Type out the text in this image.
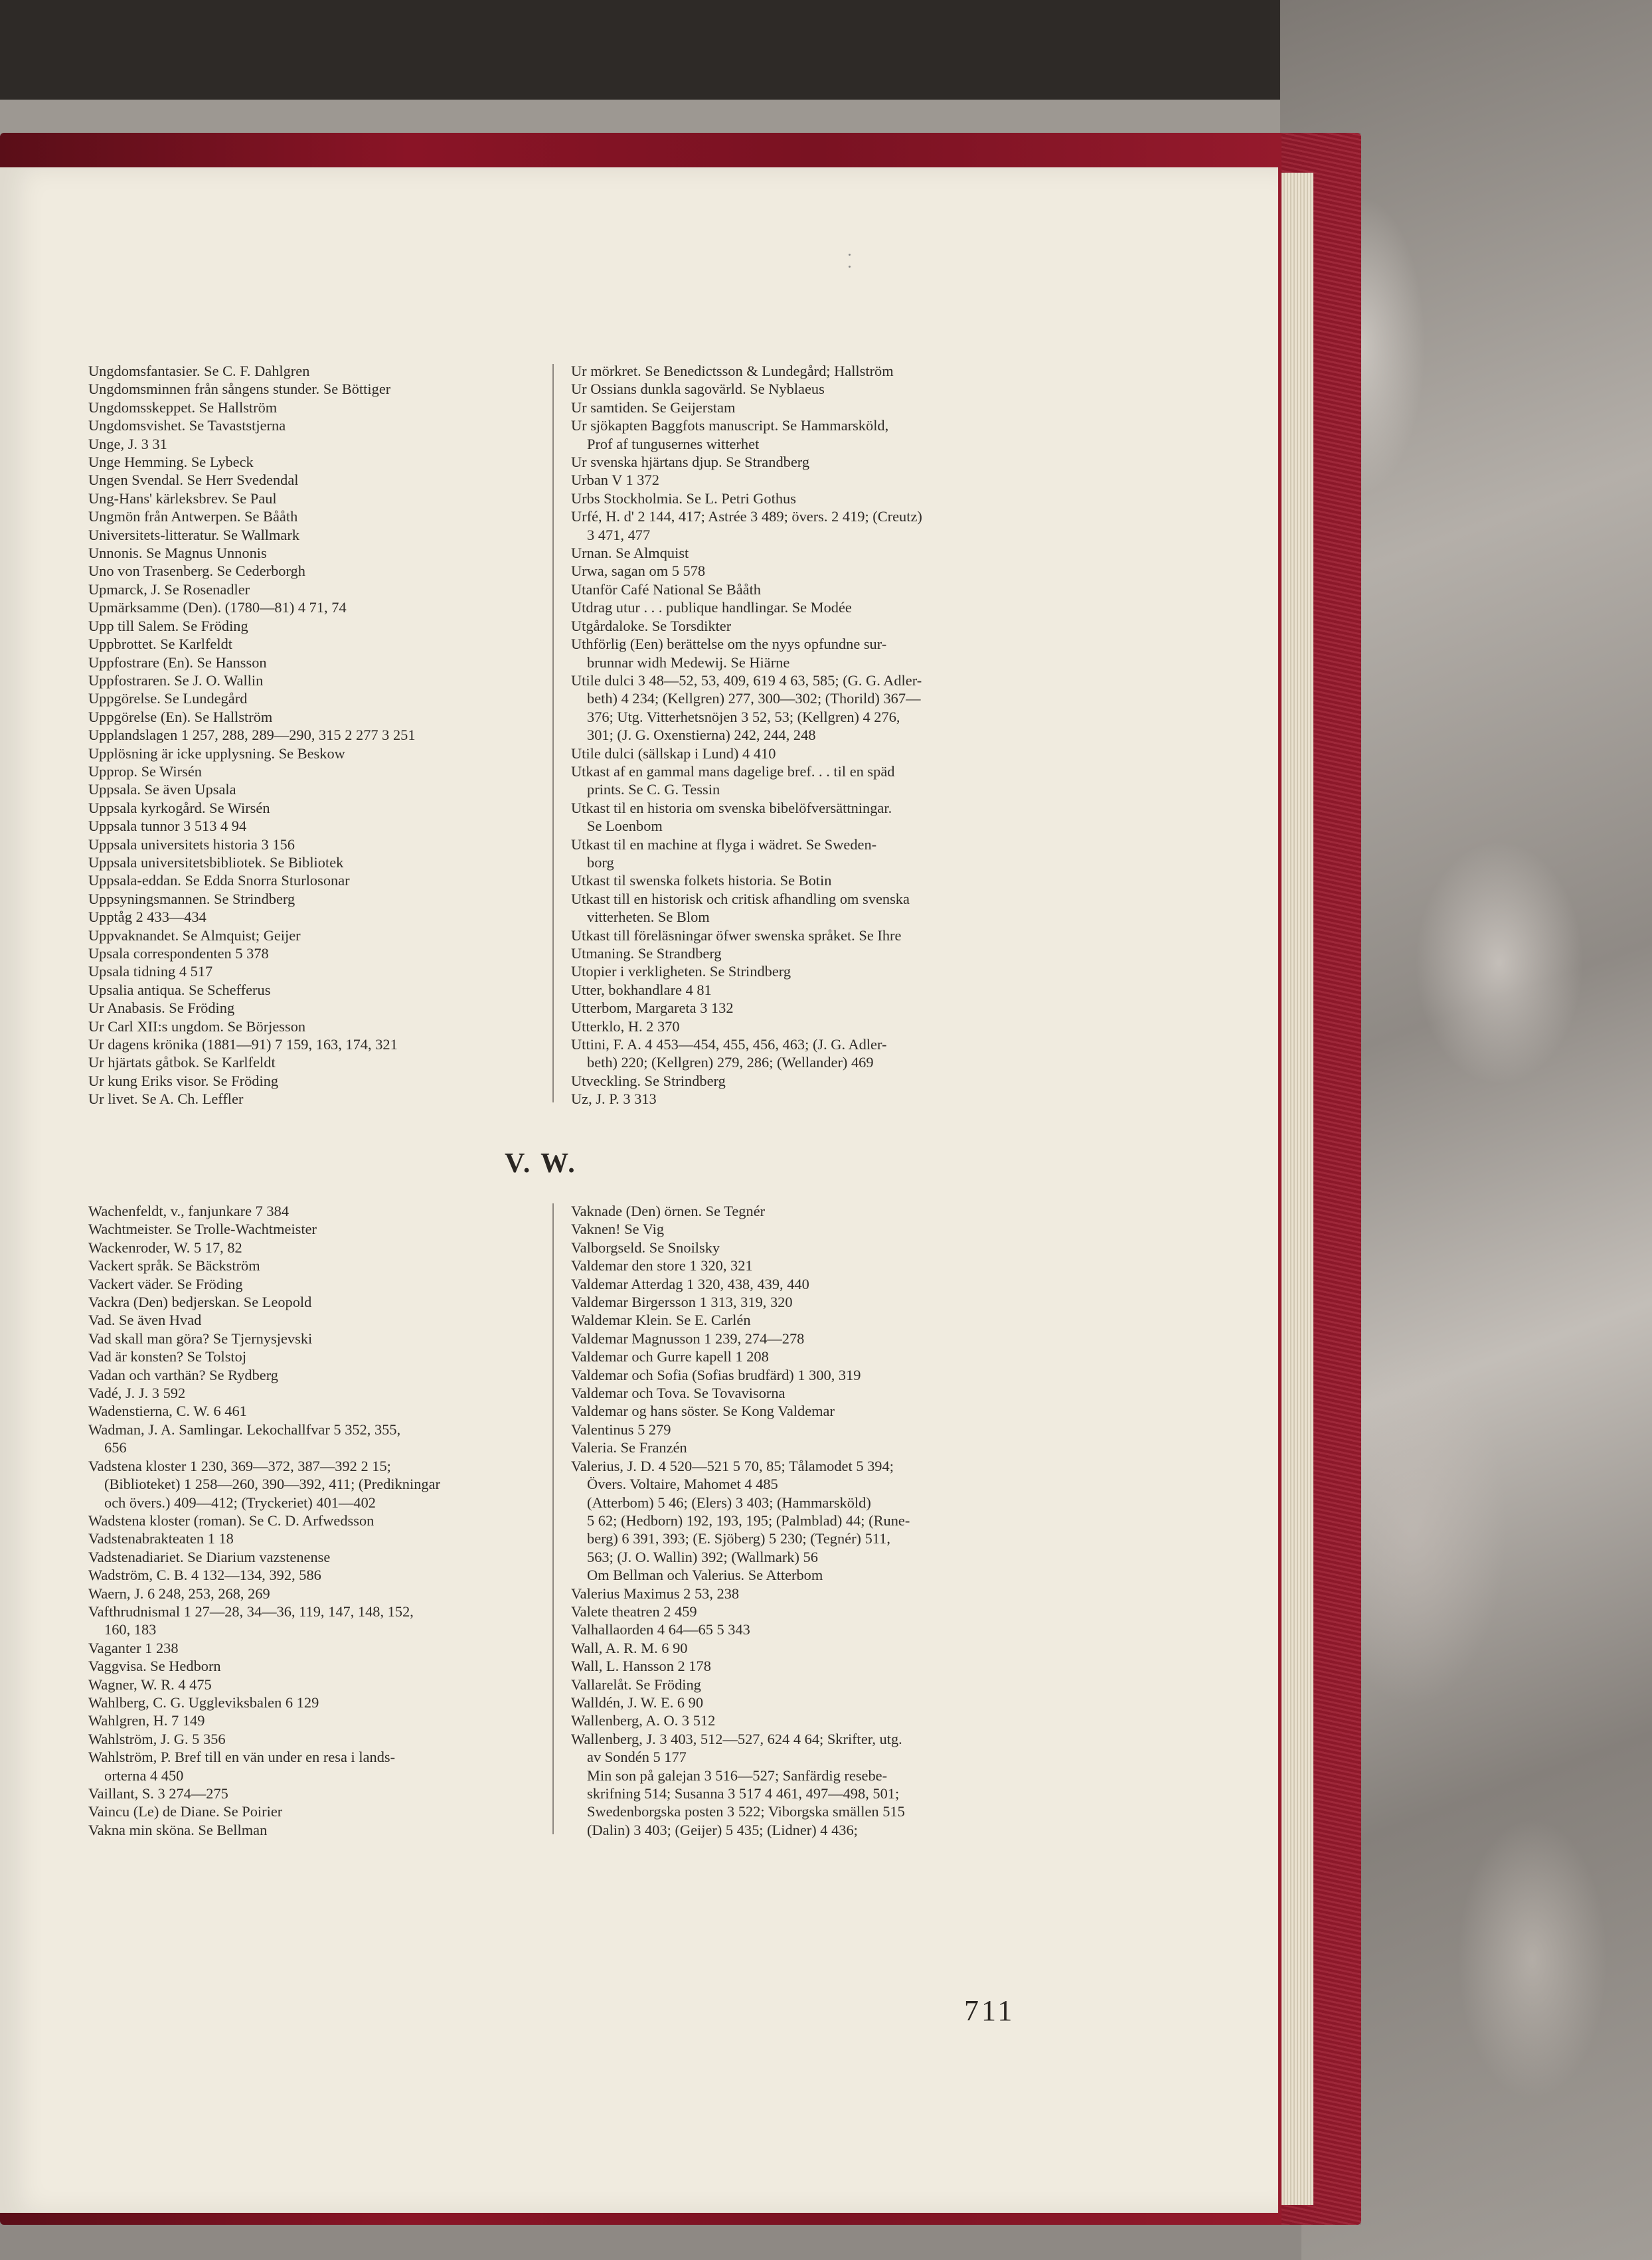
Ungdomsfantasier. Se C. F. Dahlgren
Ungdomsminnen från sångens stunder. Se Böttiger
Ungdomsskeppet. Se Hallström
Ungdomsvishet. Se Tavaststjerna
Unge, J. 3 31
Unge Hemming. Se Lybeck
Ungen Svendal. Se Herr Svedendal
Ung-Hans' kärleksbrev. Se Paul
Ungmön från Antwerpen. Se Bååth
Universitets-litteratur. Se Wallmark
Unnonis. Se Magnus Unnonis
Uno von Trasenberg. Se Cederborgh
Upmarck, J. Se Rosenadler
Upmärksamme (Den). (1780—81) 4 71, 74
Upp till Salem. Se Fröding
Uppbrottet. Se Karlfeldt
Uppfostrare (En). Se Hansson
Uppfostraren. Se J. O. Wallin
Uppgörelse. Se Lundegård
Uppgörelse (En). Se Hallström
Upplandslagen 1 257, 288, 289—290, 315 2 277 3 251
Upplösning är icke upplysning. Se Beskow
Upprop. Se Wirsén
Uppsala. Se även Upsala
Uppsala kyrkogård. Se Wirsén
Uppsala tunnor 3 513 4 94
Uppsala universitets historia 3 156
Uppsala universitetsbibliotek. Se Bibliotek
Uppsala-eddan. Se Edda Snorra Sturlosonar
Uppsyningsmannen. Se Strindberg
Upptåg 2 433—434
Uppvaknandet. Se Almquist; Geijer
Upsala correspondenten 5 378
Upsala tidning 4 517
Upsalia antiqua. Se Schefferus
Ur Anabasis. Se Fröding
Ur Carl XII:s ungdom. Se Börjesson
Ur dagens krönika (1881—91) 7 159, 163, 174, 321
Ur hjärtats gåtbok. Se Karlfeldt
Ur kung Eriks visor. Se Fröding
Ur livet. Se A. Ch. Leffler
Ur mörkret. Se Benedictsson & Lundegård; Hallström
Ur Ossians dunkla sagovärld. Se Nyblaeus
Ur samtiden. Se Geijerstam
Ur sjökapten Baggfots manuscript. Se Hammarsköld,
Prof af tungusernes witterhet
Ur svenska hjärtans djup. Se Strandberg
Urban V 1 372
Urbs Stockholmia. Se L. Petri Gothus
Urfé, H. d' 2 144, 417; Astrée 3 489; övers. 2 419; (Creutz)
3 471, 477
Urnan. Se Almquist
Urwa, sagan om 5 578
Utanför Café National Se Bååth
Utdrag utur . . . publique handlingar. Se Modée
Utgårdaloke. Se Torsdikter
Uthförlig (Een) berättelse om the nyys opfundne sur-
brunnar widh Medewij. Se Hiärne
Utile dulci 3 48—52, 53, 409, 619 4 63, 585; (G. G. Adler-
beth) 4 234; (Kellgren) 277, 300—302; (Thorild) 367—
376; Utg. Vitterhetsnöjen 3 52, 53; (Kellgren) 4 276,
301; (J. G. Oxenstierna) 242, 244, 248
Utile dulci (sällskap i Lund) 4 410
Utkast af en gammal mans dagelige bref. . . til en späd
prints. Se C. G. Tessin
Utkast til en historia om svenska bibelöfversättningar.
Se Loenbom
Utkast til en machine at flyga i wädret. Se Sweden-
borg
Utkast til swenska folkets historia. Se Botin
Utkast till en historisk och critisk afhandling om svenska
vitterheten. Se Blom
Utkast till föreläsningar öfwer swenska språket. Se Ihre
Utmaning. Se Strandberg
Utopier i verkligheten. Se Strindberg
Utter, bokhandlare 4 81
Utterbom, Margareta 3 132
Utterklo, H. 2 370
Uttini, F. A. 4 453—454, 455, 456, 463; (J. G. Adler-
beth) 220; (Kellgren) 279, 286; (Wellander) 469
Utveckling. Se Strindberg
Uz, J. P. 3 313
V. W.
Wachenfeldt, v., fanjunkare 7 384
Wachtmeister. Se Trolle-Wachtmeister
Wackenroder, W. 5 17, 82
Vackert språk. Se Bäckström
Vackert väder. Se Fröding
Vackra (Den) bedjerskan. Se Leopold
Vad. Se även Hvad
Vad skall man göra? Se Tjernysjevski
Vad är konsten? Se Tolstoj
Vadan och varthän? Se Rydberg
Vadé, J. J. 3 592
Wadenstierna, C. W. 6 461
Wadman, J. A. Samlingar. Lekochallfvar 5 352, 355,
656
Vadstena kloster 1 230, 369—372, 387—392 2 15;
(Biblioteket) 1 258—260, 390—392, 411; (Predikningar
och övers.) 409—412; (Tryckeriet) 401—402
Wadstena kloster (roman). Se C. D. Arfwedsson
Vadstenabrakteaten 1 18
Vadstenadiariet. Se Diarium vazstenense
Wadström, C. B. 4 132—134, 392, 586
Waern, J. 6 248, 253, 268, 269
Vafthrudnismal 1 27—28, 34—36, 119, 147, 148, 152,
160, 183
Vaganter 1 238
Vaggvisa. Se Hedborn
Wagner, W. R. 4 475
Wahlberg, C. G. Uggleviksbalen 6 129
Wahlgren, H. 7 149
Wahlström, J. G. 5 356
Wahlström, P. Bref till en vän under en resa i lands-
orterna 4 450
Vaillant, S. 3 274—275
Vaincu (Le) de Diane. Se Poirier
Vakna min sköna. Se Bellman
Vaknade (Den) örnen. Se Tegnér
Vaknen! Se Vig
Valborgseld. Se Snoilsky
Valdemar den store 1 320, 321
Valdemar Atterdag 1 320, 438, 439, 440
Valdemar Birgersson 1 313, 319, 320
Waldemar Klein. Se E. Carlén
Valdemar Magnusson 1 239, 274—278
Valdemar och Gurre kapell 1 208
Valdemar och Sofia (Sofias brudfärd) 1 300, 319
Valdemar och Tova. Se Tovavisorna
Valdemar og hans söster. Se Kong Valdemar
Valentinus 5 279
Valeria. Se Franzén
Valerius, J. D. 4 520—521 5 70, 85; Tålamodet 5 394;
Övers. Voltaire, Mahomet 4 485
(Atterbom) 5 46; (Elers) 3 403; (Hammarsköld)
5 62; (Hedborn) 192, 193, 195; (Palmblad) 44; (Rune-
berg) 6 391, 393; (E. Sjöberg) 5 230; (Tegnér) 511,
563; (J. O. Wallin) 392; (Wallmark) 56
Om Bellman och Valerius. Se Atterbom
Valerius Maximus 2 53, 238
Valete theatren 2 459
Valhallaorden 4 64—65 5 343
Wall, A. R. M. 6 90
Wall, L. Hansson 2 178
Vallarelåt. Se Fröding
Walldén, J. W. E. 6 90
Wallenberg, A. O. 3 512
Wallenberg, J. 3 403, 512—527, 624 4 64; Skrifter, utg.
av Sondén 5 177
Min son på galejan 3 516—527; Sanfärdig resebe-
skrifning 514; Susanna 3 517 4 461, 497—498, 501;
Swedenborgska posten 3 522; Viborgska smällen 515
(Dalin) 3 403; (Geijer) 5 435; (Lidner) 4 436;

711
